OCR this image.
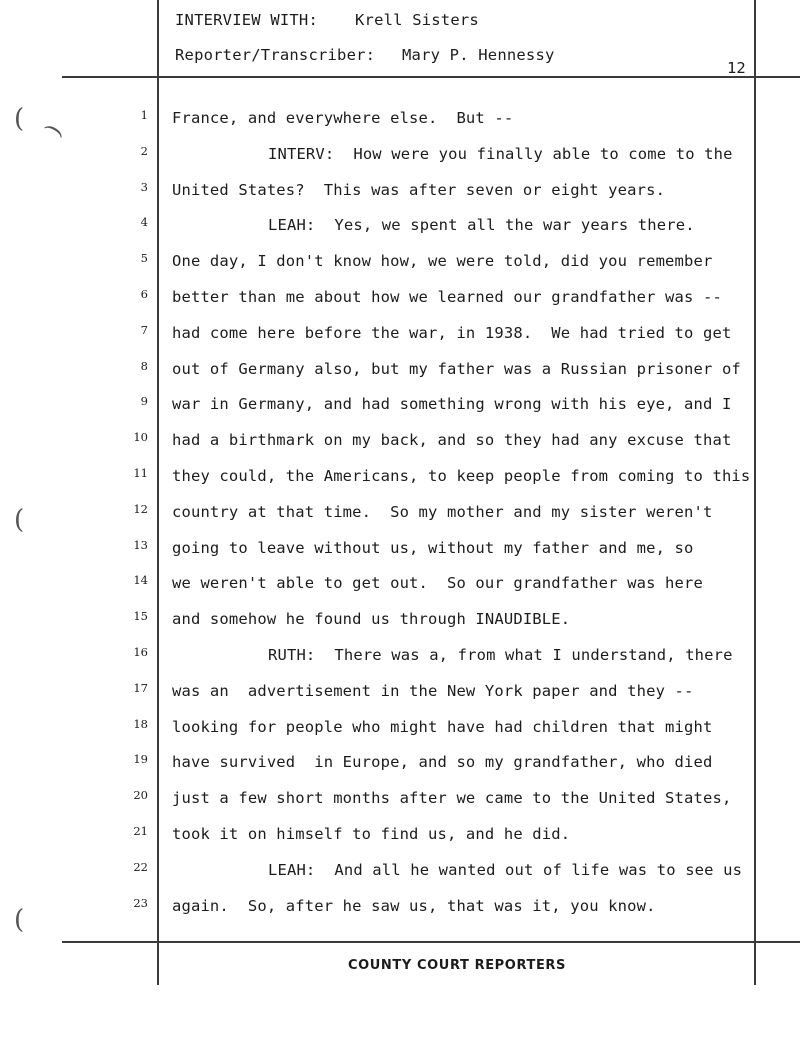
(
(
(
)
INTERVIEW WITH: Krell Sisters
Reporter/Transcriber: Mary P. Hennessy
12
1 France, and everywhere else.  But --
2	INTERV:  How were you finally able to come to the
3 United States?  This was after seven or eight years.
4	LEAH:  Yes, we spent all the war years there.
5 One day, I don't know how, we were told, did you remember
6 better than me about how we learned our grandfather was --
7 had come here before the war, in 1938.  We had tried to get
8 out of Germany also, but my father was a Russian prisoner of
9 war in Germany, and had something wrong with his eye, and I
10 had a birthmark on my back, and so they had any excuse that
11 they could, the Americans, to keep people from coming to this
12 country at that time.  So my mother and my sister weren't
13 going to leave without us, without my father and me, so
14 we weren't able to get out.  So our grandfather was here
15 and somehow he found us through INAUDIBLE.
16	RUTH:  There was a, from what I understand, there
17 was an  advertisement in the New York paper and they --
18 looking for people who might have had children that might
19 have survived  in Europe, and so my grandfather, who died
20 just a few short months after we came to the United States,
21 took it on himself to find us, and he did.
22	LEAH:  And all he wanted out of life was to see us
23 again.  So, after he saw us, that was it, you know.
COUNTY COURT REPORTERS
